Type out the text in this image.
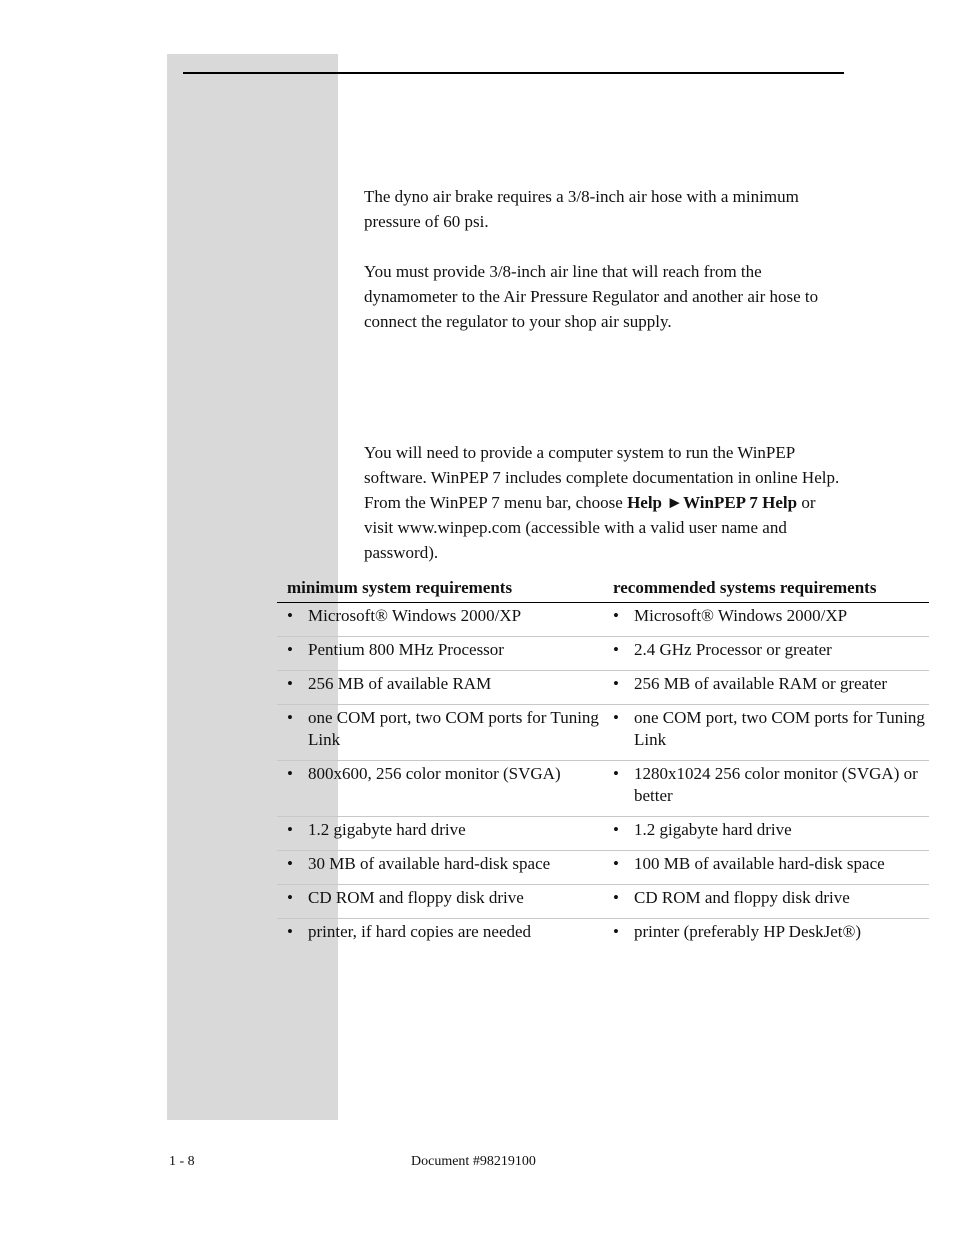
The dyno air brake requires a 3/8-inch air hose with a minimum pressure of 60 psi.

You must provide 3/8-inch air line that will reach from the dynamometer to the Air Pressure Regulator and another air hose to connect the regulator to your shop air supply.

You will need to provide a computer system to run the WinPEP software. WinPEP 7 includes complete documentation in online Help. From the WinPEP 7 menu bar, choose Help ►WinPEP 7 Help or visit www.winpep.com (accessible with a valid user name and password).

minimum system requirements	recommended systems requirements

• Microsoft® Windows 2000/XP	• Microsoft® Windows 2000/XP

• Pentium 800 MHz Processor	• 2.4 GHz Processor or greater

• 256 MB of available RAM	• 256 MB of available RAM or greater

• one COM port, two COM ports for Tuning Link	• one COM port, two COM ports for Tuning Link

• 800x600, 256 color monitor (SVGA)	• 1280x1024 256 color monitor (SVGA) or better

• 1.2 gigabyte hard drive	• 1.2 gigabyte hard drive

• 30 MB of available hard-disk space	• 100 MB of available hard-disk space

• CD ROM and floppy disk drive	• CD ROM and floppy disk drive

• printer, if hard copies are needed	• printer (preferably HP DeskJet®)
1 - 8	Document #98219100
